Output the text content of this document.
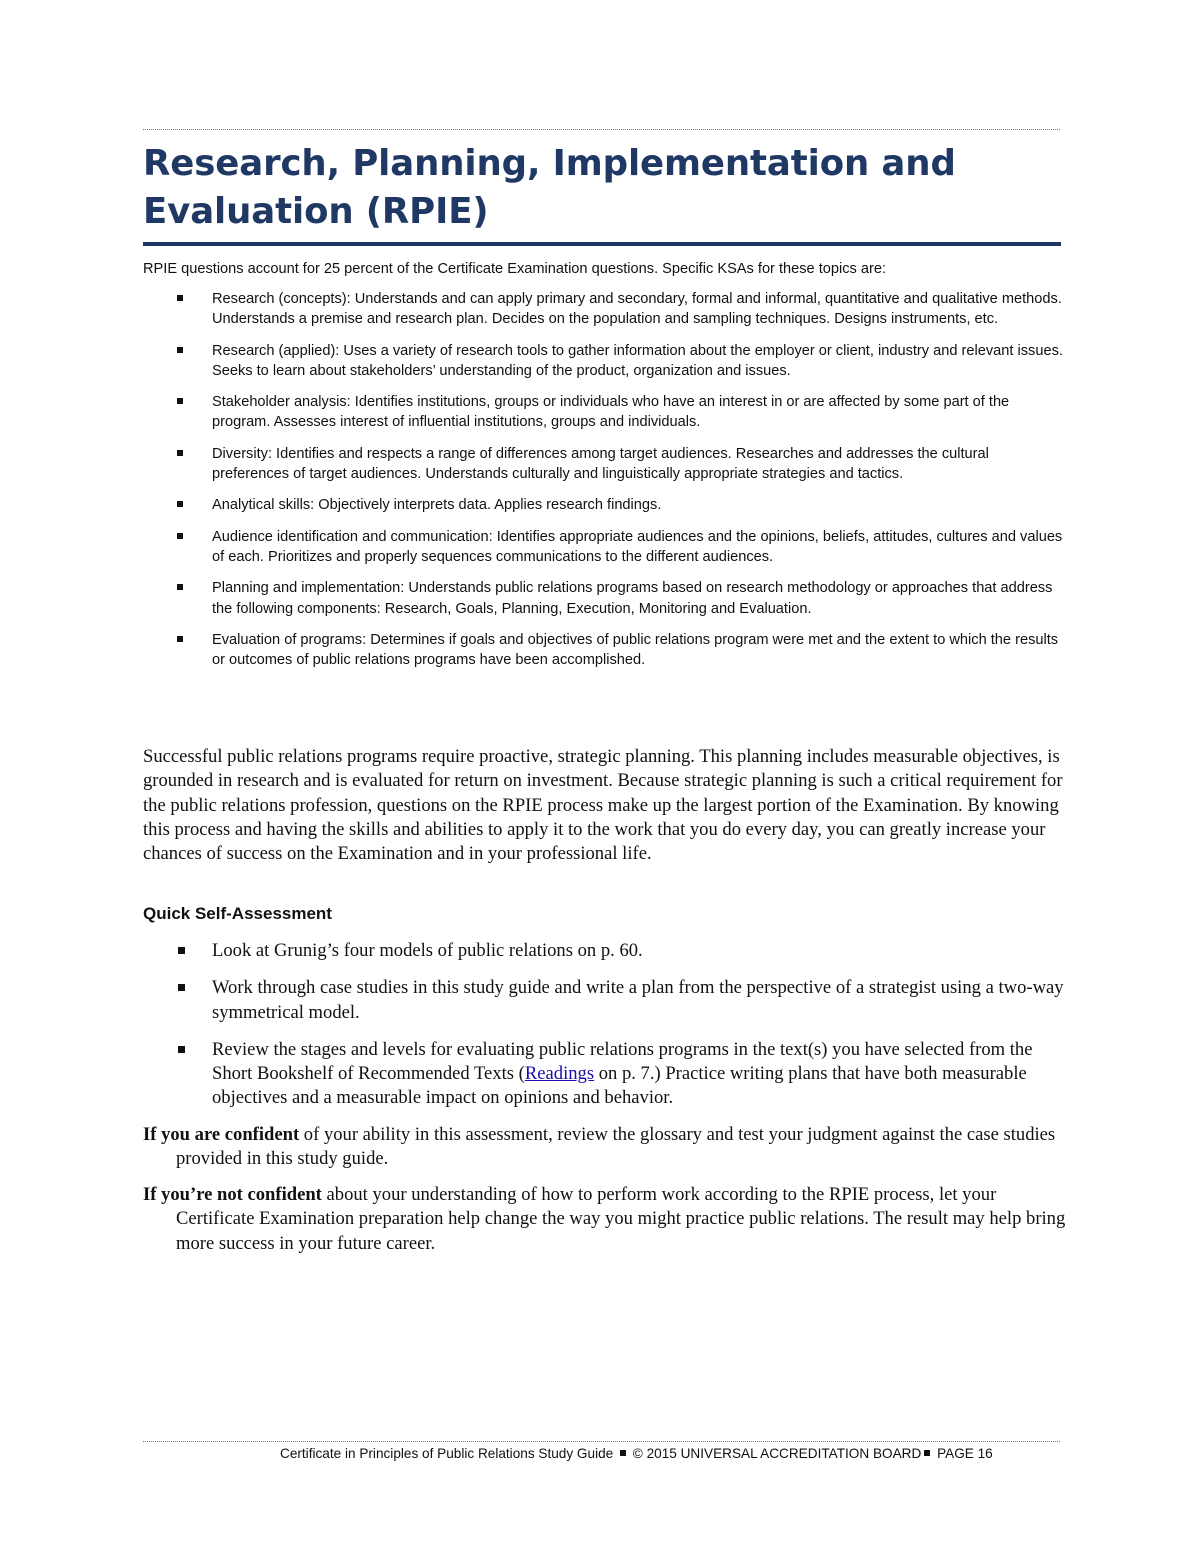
Research, Planning, Implementation and Evaluation (RPIE)

RPIE questions account for 25 percent of the Certificate Examination questions. Specific KSAs for these topics are:

Research (concepts): Understands and can apply primary and secondary, formal and informal, quantitative and qualitative methods. Understands a premise and research plan. Decides on the population and sampling techniques. Designs instruments, etc.
Research (applied): Uses a variety of research tools to gather information about the employer or client, industry and relevant issues. Seeks to learn about stakeholders’ understanding of the product, organization and issues.
Stakeholder analysis: Identifies institutions, groups or individuals who have an interest in or are affected by some part of the program. Assesses interest of influential institutions, groups and individuals.
Diversity: Identifies and respects a range of differences among target audiences. Researches and addresses the cultural preferences of target audiences. Understands culturally and linguistically appropriate strategies and tactics.
Analytical skills: Objectively interprets data. Applies research findings.
Audience identification and communication: Identifies appropriate audiences and the opinions, beliefs, attitudes, cultures and values of each. Prioritizes and properly sequences communications to the different audiences.
Planning and implementation: Understands public relations programs based on research methodology or approaches that address the following components: Research, Goals, Planning, Execution, Monitoring and Evaluation.
Evaluation of programs: Determines if goals and objectives of public relations program were met and the extent to which the results or outcomes of public relations programs have been accomplished.

Successful public relations programs require proactive, strategic planning. This planning includes measurable objectives, is grounded in research and is evaluated for return on investment. Because strategic planning is such a critical requirement for the public relations profession, questions on the RPIE process make up the largest portion of the Examination. By knowing this process and having the skills and abilities to apply it to the work that you do every day, you can greatly increase your chances of success on the Examination and in your professional life.

Quick Self-Assessment
Look at Grunig’s four models of public relations on p. 60.
Work through case studies in this study guide and write a plan from the perspective of a strategist using a two-way symmetrical model.
Review the stages and levels for evaluating public relations programs in the text(s) you have selected from the Short Bookshelf of Recommended Texts (Readings on p. 7.) Practice writing plans that have both measurable objectives and a measurable impact on opinions and behavior.

If you are confident of your ability in this assessment, review the glossary and test your judgment against the case studies provided in this study guide.

If you’re not confident about your understanding of how to perform work according to the RPIE process, let your Certificate Examination preparation help change the way you might practice public relations. The result may help bring more success in your future career.

Certificate in Principles of Public Relations Study Guide © 2015 UNIVERSAL ACCREDITATION BOARD PAGE 16
